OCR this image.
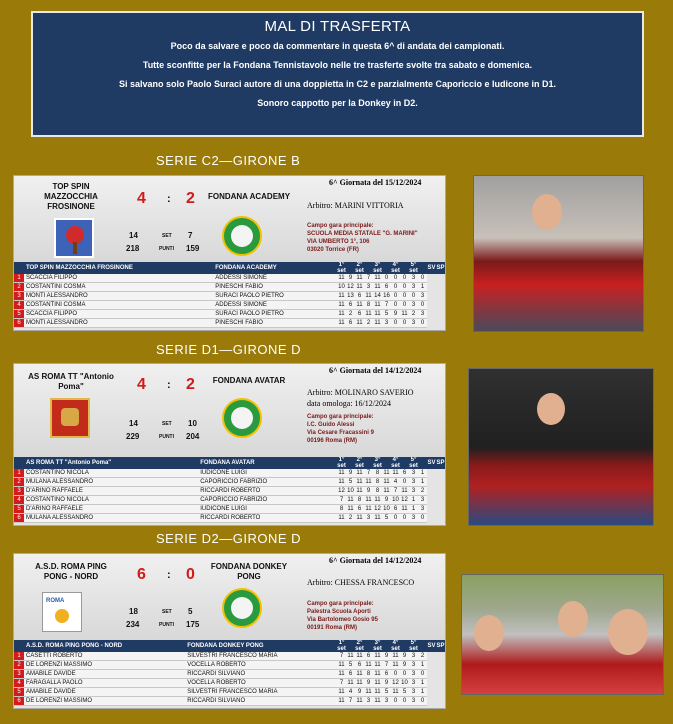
MAL DI TRASFERTA

Poco da salvare e poco da commentare in questa 6^ di andata dei campionati.

Tutte sconfitte per la Fondana Tennistavolo nelle tre trasferte svolte tra sabato e domenica.

Si salvano solo Paolo Suraci autore di una doppietta in C2 e parzialmente Caporiccio e Iudicone in D1.

Sonoro cappotto per la Donkey in D2.

SERIE C2—GIRONE B
SERIE D1—GIRONE D
SERIE D2—GIRONE D
TOP SPIN MAZZOCCHIA FROSINONE	4 : 2
14	SET 7
218	PUNTI 159
FONDANA ACADEMY
6^ Giornata del 15/12/2024
Arbitro: MARINI VITTORIA
Campo gara principale:
SCUOLA MEDIA STATALE "G. MARINI"
VIA UMBERTO 1°, 106
03020 Torrice (FR)
	TOP SPIN MAZZOCCHIA FROSINONE	FONDANA ACADEMY	1° set		2° set		3° set		4° set		5° set		SV	SP
1	SCACCIA FILIPPO	ADDESSI SIMONE	11	9	11	7	11	0	0	0	3	0		
2	COSTANTINI COSMA	PINESCHI FABIO	10	12	11	3	11	6	0	0	3	1		
3	MONTI ALESSANDRO	SURACI PAOLO PIETRO	11	13	6	11	14	16	0	0	0	3		
4	COSTANTINI COSMA	ADDESSI SIMONE	11	6	11	8	11	7	0	0	3	0		
5	SCACCIA FILIPPO	SURACI PAOLO PIETRO	11	2	6	11	11	5	9	11	2	3		
6	MONTI ALESSANDRO	PINESCHI FABIO	11	6	11	2	11	3	0	0	3	0		
AS ROMA TT "Antonio Poma"	4 : 2
14	SET 10
229	PUNTI 204
FONDANA AVATAR
6^ Giornata del 14/12/2024
Arbitro: MOLINARO SAVERIO
data omologa: 16/12/2024
Campo gara principale:
I.C. Guido Alessi
Via Cesare Fracassini 9
00196 Roma (RM)
	AS ROMA TT "Antonio Poma"	FONDANA AVATAR	1° set		2° set		3° set		4° set		5° set		SV	SP
1	COSTANTINO NICOLA	IUDICONE LUIGI	11	9	11	7	8	11	11	6	3	1		
2	MULANA ALESSANDRO	CAPORICCIO FABRIZIO	11	5	11	11	8	11	4	0	3	1		
3	D'ARINO RAFFAELE	RICCARDI ROBERTO	12	10	11	9	8	11	7	11	3	2		
4	COSTANTINO NICOLA	CAPORICCIO FABRIZIO	7	11	8	11	11	9	10	12	1	3		
5	D'ARINO RAFFAELE	IUDICONE LUIGI	8	11	6	11	12	10	6	11	1	3		
6	MULANA ALESSANDRO	RICCARDI ROBERTO	11	2	11	3	11	5	0	0	3	0		
A.S.D. ROMA PING PONG - NORD
ROMA
6 : 0
18	SET 5
234	PUNTI 175
FONDANA DONKEY PONG
6^ Giornata del 14/12/2024
Arbitro: CHESSA FRANCESCO
Campo gara principale:
Palestra Scuola Aporti
Via Bartolomeo Gosio 95
00191 Roma (RM)
	A.S.D. ROMA PING PONG - NORD	FONDANA DONKEY PONG	1° set		2° set		3° set		4° set		5° set		SV	SP
1	CASETTI ROBERTO	SILVESTRI FRANCESCO MARIA	7	11	11	6	11	9	11	9	3	2		
2	DE LORENZI MASSIMO	VOCELLA ROBERTO	11	5	6	11	11	7	11	9	3	1		
3	AMABILE DAVIDE	RICCARDI SILVIANO	11	6	11	8	11	6	0	0	3	0		
4	FARAGALLA PAOLO	VOCELLA ROBERTO	7	11	11	9	11	9	12	10	3	1		
5	AMABILE DAVIDE	SILVESTRI FRANCESCO MARIA	11	4	9	11	11	5	11	5	3	1		
6	DE LORENZI MASSIMO	RICCARDI SILVIANO	11	7	11	3	11	3	0	0	3	0		
